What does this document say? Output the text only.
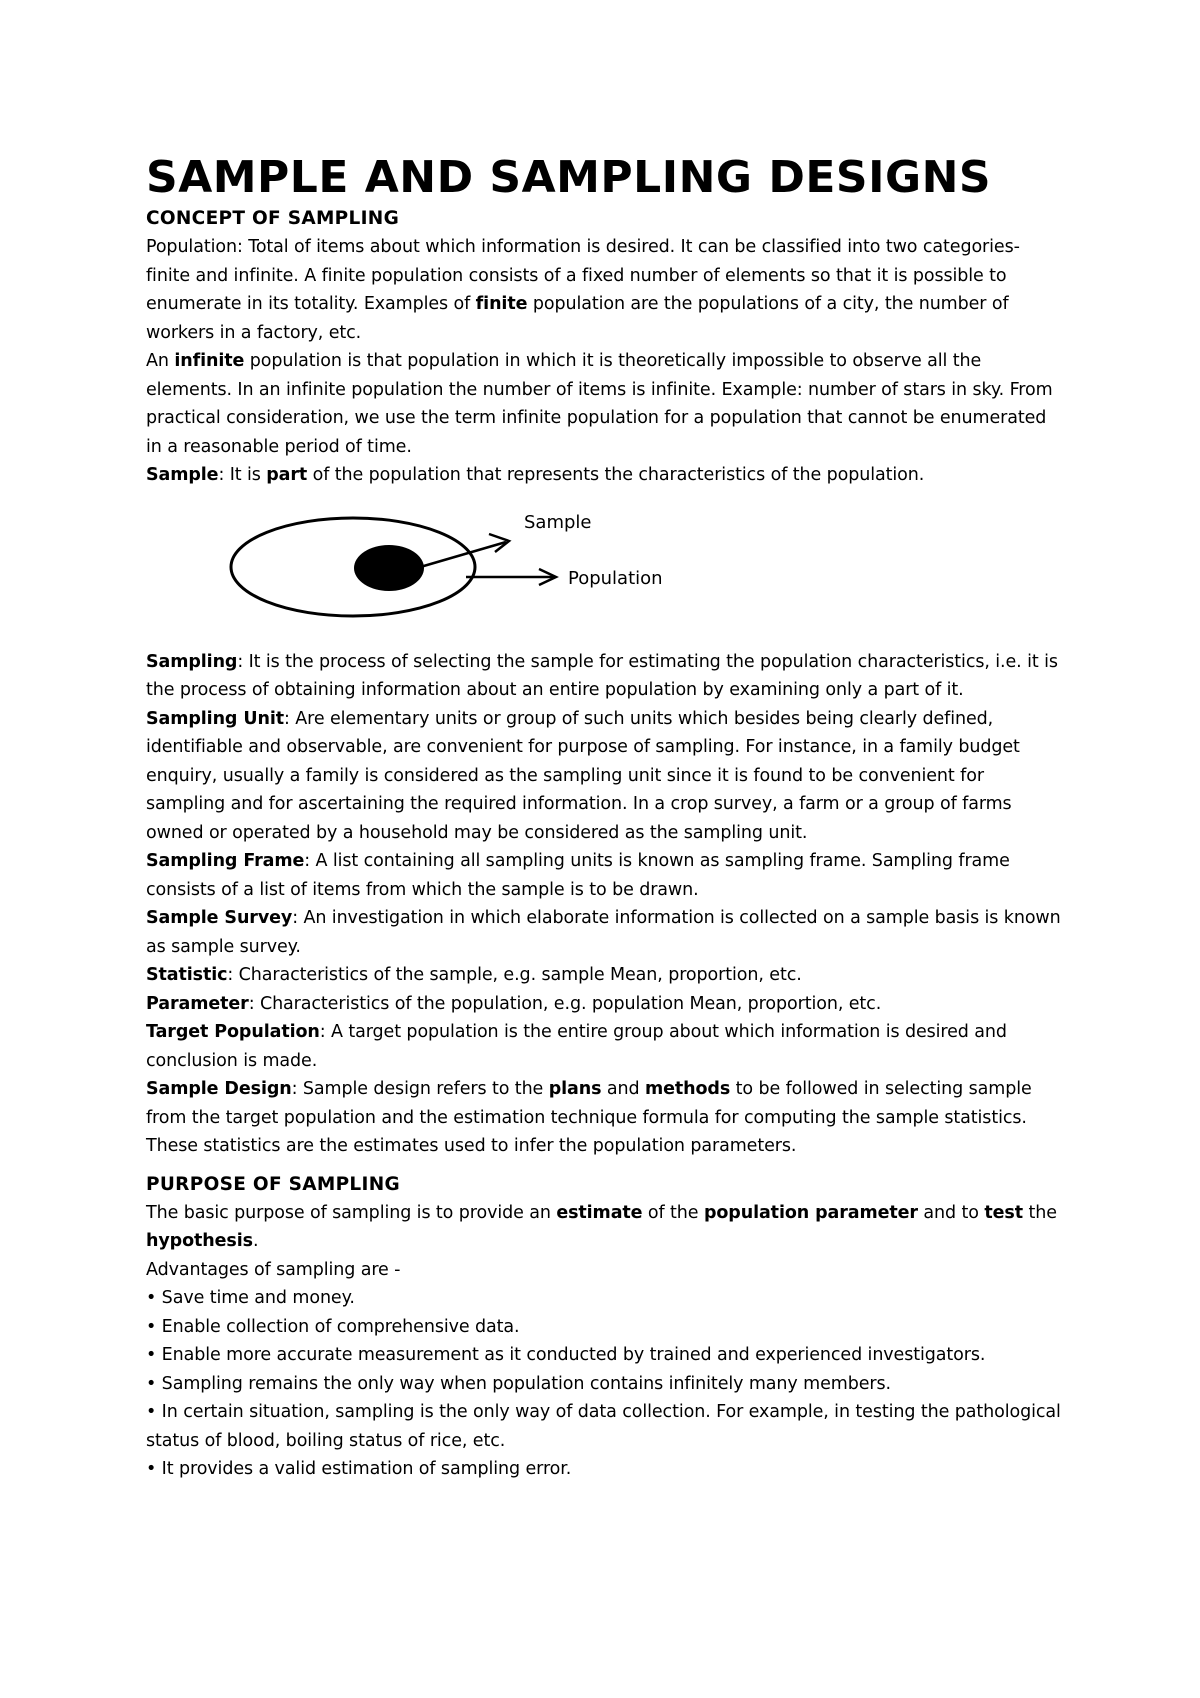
SAMPLE AND SAMPLING DESIGNS
CONCEPT OF SAMPLING

Population: Total of items about which information is desired. It can be classified into two categories- finite and infinite. A finite population consists of a fixed number of elements so that it is possible to enumerate in its totality. Examples of finite population are the populations of a city, the number of workers in a factory, etc.

An infinite population is that population in which it is theoretically impossible to observe all the elements. In an infinite population the number of items is infinite. Example: number of stars in sky. From practical consideration, we use the term infinite population for a population that cannot be enumerated in a reasonable period of time.

Sample: It is part of the population that represents the characteristics of the population.

Sample
Population

Sampling: It is the process of selecting the sample for estimating the population characteristics, i.e. it is the process of obtaining information about an entire population by examining only a part of it.

Sampling Unit: Are elementary units or group of such units which besides being clearly defined, identifiable and observable, are convenient for purpose of sampling. For instance, in a family budget enquiry, usually a family is considered as the sampling unit since it is found to be convenient for sampling and for ascertaining the required information. In a crop survey, a farm or a group of farms owned or operated by a household may be considered as the sampling unit.

Sampling Frame: A list containing all sampling units is known as sampling frame. Sampling frame consists of a list of items from which the sample is to be drawn.

Sample Survey: An investigation in which elaborate information is collected on a sample basis is known as sample survey.

Statistic: Characteristics of the sample, e.g. sample Mean, proportion, etc.

Parameter: Characteristics of the population, e.g. population Mean, proportion, etc.

Target Population: A target population is the entire group about which information is desired and conclusion is made.

Sample Design: Sample design refers to the plans and methods to be followed in selecting sample from the target population and the estimation technique formula for computing the sample statistics. These statistics are the estimates used to infer the population parameters.

PURPOSE OF SAMPLING

The basic purpose of sampling is to provide an estimate of the population parameter and to test the hypothesis.

Advantages of sampling are -

• Save time and money.

• Enable collection of comprehensive data.

• Enable more accurate measurement as it conducted by trained and experienced investigators.

• Sampling remains the only way when population contains infinitely many members.

• In certain situation, sampling is the only way of data collection. For example, in testing the pathological status of blood, boiling status of rice, etc.

• It provides a valid estimation of sampling error.
